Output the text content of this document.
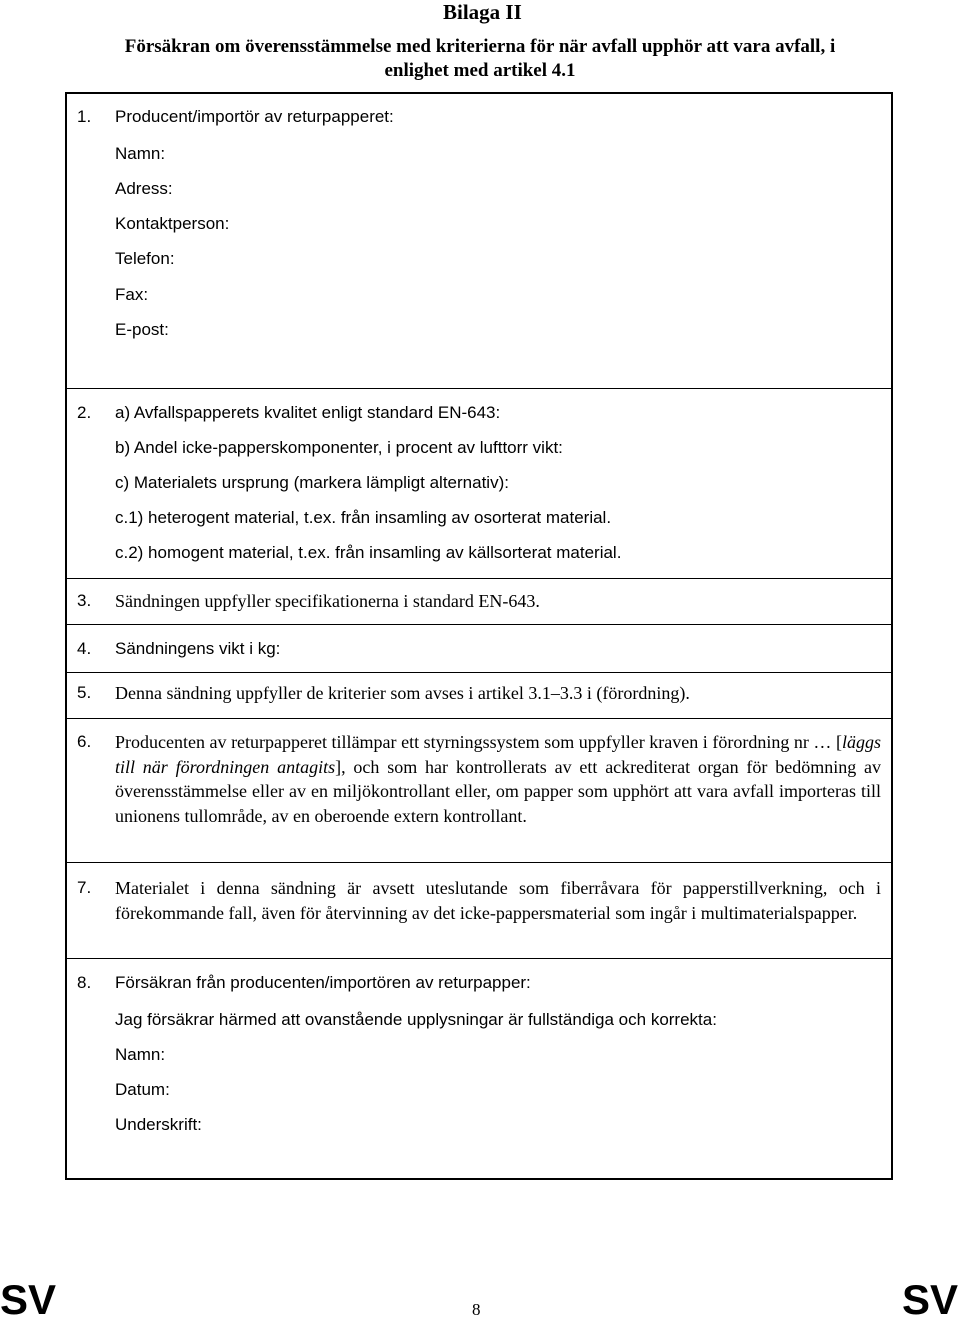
Bilaga II
Försäkran om överensstämmelse med kriterierna för när avfall upphör att vara avfall, i
enlighet med artikel 4.1
1.	Producent/importör av returpapperet:
Namn:
Adress:
Kontaktperson:
Telefon:
Fax:
E-post:
2.	a) Avfallspapperets kvalitet enligt standard EN-643:
b) Andel icke-papperskomponenter, i procent av lufttorr vikt:
c) Materialets ursprung (markera lämpligt alternativ):
c.1) heterogent material, t.ex. från insamling av osorterat material.
c.2) homogent material, t.ex. från insamling av källsorterat material.
3.	Sändningen uppfyller specifikationerna i standard EN-643.
4.	Sändningens vikt i kg:
5.	Denna sändning uppfyller de kriterier som avses i artikel 3.1–3.3 i (förordning).
6.	Producenten av returpapperet tillämpar ett styrningssystem som uppfyller kraven i förordning nr … [läggs till när förordningen antagits], och som har kontrollerats av ett ackrediterat organ för bedömning av överensstämmelse eller av en miljökontrollant eller, om papper som upphört att vara avfall importeras till unionens tullområde, av en oberoende extern kontrollant.
7.	Materialet i denna sändning är avsett uteslutande som fiberråvara för papperstillverkning, och i förekommande fall, även för återvinning av det icke-pappersmaterial som ingår i multimaterialspapper.
8.	Försäkran från producenten/importören av returpapper:
Jag försäkrar härmed att ovanstående upplysningar är fullständiga och korrekta:
Namn:
Datum:
Underskrift:
SV	8	SV
